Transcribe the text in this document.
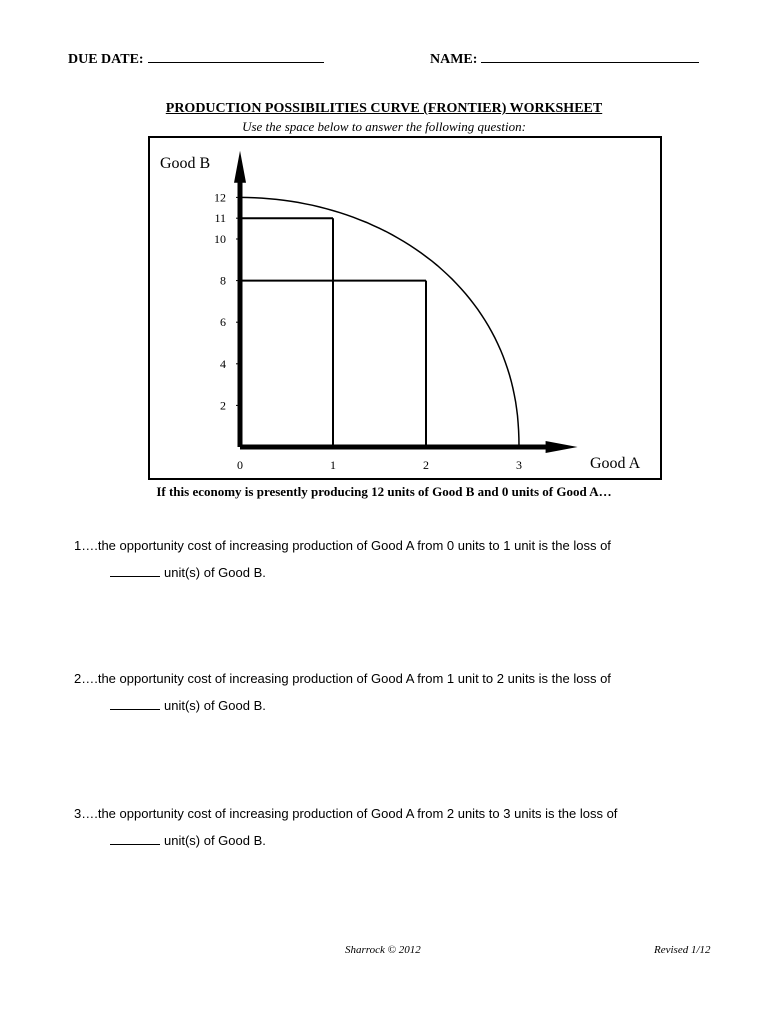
DUE DATE:	NAME:
PRODUCTION POSSIBILITIES CURVE (FRONTIER) WORKSHEET
Use the space below to answer the following question:
Good B
Good A
0	1	2	3
2
4
6
8
10
11
12
If this economy is presently producing 12 units of Good B and 0 units of Good A…
1….the opportunity cost of increasing production of Good A from 0 units to 1 unit is the loss of
unit(s) of Good B.
2….the opportunity cost of increasing production of Good A from 1 unit to 2 units is the loss of
unit(s) of Good B.
3….the opportunity cost of increasing production of Good A from 2 units to 3 units is the loss of
unit(s) of Good B.
Sharrock © 2012	Revised 1/12
